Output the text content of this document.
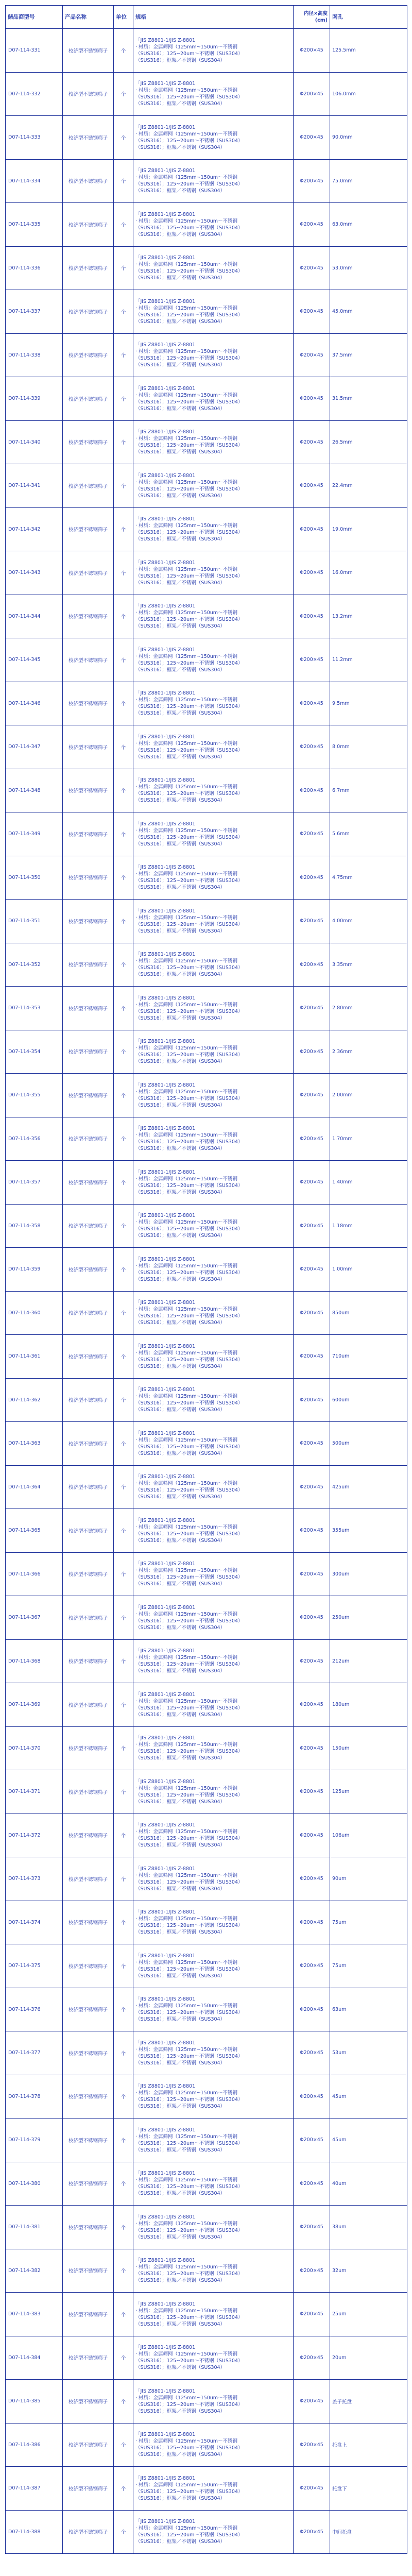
储品商型号	产品名称	单位	规格	内径×高度
(cm)	网孔
D07-114-331	校济型不锈钢筛子	个	「JIS Z8801-1/JIS Z-8801
· 材质：金属筛网（125mm~150um～不锈钢
（SUS316）；125~20um～不锈钢（SUS304）
（SUS316）；框架／不锈钢（SUS304）	Φ200×45	125.5mm
D07-114-332	校济型不锈钢筛子	个	「JIS Z8801-1/JIS Z-8801
· 材质：金属筛网（125mm~150um～不锈钢
（SUS316）；125~20um～不锈钢（SUS304）
（SUS316）；框架／不锈钢（SUS304）	Φ200×45	106.0mm
D07-114-333	校济型不锈钢筛子	个	「JIS Z8801-1/JIS Z-8801
· 材质：金属筛网（125mm~150um～不锈钢
（SUS316）；125~20um～不锈钢（SUS304）
（SUS316）；框架／不锈钢（SUS304）	Φ200×45	90.0mm
D07-114-334	校济型不锈钢筛子	个	「JIS Z8801-1/JIS Z-8801
· 材质：金属筛网（125mm~150um～不锈钢
（SUS316）；125~20um～不锈钢（SUS304）
（SUS316）；框架／不锈钢（SUS304）	Φ200×45	75.0mm
D07-114-335	校济型不锈钢筛子	个	「JIS Z8801-1/JIS Z-8801
· 材质：金属筛网（125mm~150um～不锈钢
（SUS316）；125~20um～不锈钢（SUS304）
（SUS316）；框架／不锈钢（SUS304）	Φ200×45	63.0mm
D07-114-336	校济型不锈钢筛子	个	「JIS Z8801-1/JIS Z-8801
· 材质：金属筛网（125mm~150um～不锈钢
（SUS316）；125~20um～不锈钢（SUS304）
（SUS316）；框架／不锈钢（SUS304）	Φ200×45	53.0mm
D07-114-337	校济型不锈钢筛子	个	「JIS Z8801-1/JIS Z-8801
· 材质：金属筛网（125mm~150um～不锈钢
（SUS316）；125~20um～不锈钢（SUS304）
（SUS316）；框架／不锈钢（SUS304）	Φ200×45	45.0mm
D07-114-338	校济型不锈钢筛子	个	「JIS Z8801-1/JIS Z-8801
· 材质：金属筛网（125mm~150um～不锈钢
（SUS316）；125~20um～不锈钢（SUS304）
（SUS316）；框架／不锈钢（SUS304）	Φ200×45	37.5mm
D07-114-339	校济型不锈钢筛子	个	「JIS Z8801-1/JIS Z-8801
· 材质：金属筛网（125mm~150um～不锈钢
（SUS316）；125~20um～不锈钢（SUS304）
（SUS316）；框架／不锈钢（SUS304）	Φ200×45	31.5mm
D07-114-340	校济型不锈钢筛子	个	「JIS Z8801-1/JIS Z-8801
· 材质：金属筛网（125mm~150um～不锈钢
（SUS316）；125~20um～不锈钢（SUS304）
（SUS316）；框架／不锈钢（SUS304）	Φ200×45	26.5mm
D07-114-341	校济型不锈钢筛子	个	「JIS Z8801-1/JIS Z-8801
· 材质：金属筛网（125mm~150um～不锈钢
（SUS316）；125~20um～不锈钢（SUS304）
（SUS316）；框架／不锈钢（SUS304）	Φ200×45	22.4mm
D07-114-342	校济型不锈钢筛子	个	「JIS Z8801-1/JIS Z-8801
· 材质：金属筛网（125mm~150um～不锈钢
（SUS316）；125~20um～不锈钢（SUS304）
（SUS316）；框架／不锈钢（SUS304）	Φ200×45	19.0mm
D07-114-343	校济型不锈钢筛子	个	「JIS Z8801-1/JIS Z-8801
· 材质：金属筛网（125mm~150um～不锈钢
（SUS316）；125~20um～不锈钢（SUS304）
（SUS316）；框架／不锈钢（SUS304）	Φ200×45	16.0mm
D07-114-344	校济型不锈钢筛子	个	「JIS Z8801-1/JIS Z-8801
· 材质：金属筛网（125mm~150um～不锈钢
（SUS316）；125~20um～不锈钢（SUS304）
（SUS316）；框架／不锈钢（SUS304）	Φ200×45	13.2mm
D07-114-345	校济型不锈钢筛子	个	「JIS Z8801-1/JIS Z-8801
· 材质：金属筛网（125mm~150um～不锈钢
（SUS316）；125~20um～不锈钢（SUS304）
（SUS316）；框架／不锈钢（SUS304）	Φ200×45	11.2mm
D07-114-346	校济型不锈钢筛子	个	「JIS Z8801-1/JIS Z-8801
· 材质：金属筛网（125mm~150um～不锈钢
（SUS316）；125~20um～不锈钢（SUS304）
（SUS316）；框架／不锈钢（SUS304）	Φ200×45	9.5mm
D07-114-347	校济型不锈钢筛子	个	「JIS Z8801-1/JIS Z-8801
· 材质：金属筛网（125mm~150um～不锈钢
（SUS316）；125~20um～不锈钢（SUS304）
（SUS316）；框架／不锈钢（SUS304）	Φ200×45	8.0mm
D07-114-348	校济型不锈钢筛子	个	「JIS Z8801-1/JIS Z-8801
· 材质：金属筛网（125mm~150um～不锈钢
（SUS316）；125~20um～不锈钢（SUS304）
（SUS316）；框架／不锈钢（SUS304）	Φ200×45	6.7mm
D07-114-349	校济型不锈钢筛子	个	「JIS Z8801-1/JIS Z-8801
· 材质：金属筛网（125mm~150um～不锈钢
（SUS316）；125~20um～不锈钢（SUS304）
（SUS316）；框架／不锈钢（SUS304）	Φ200×45	5.6mm
D07-114-350	校济型不锈钢筛子	个	「JIS Z8801-1/JIS Z-8801
· 材质：金属筛网（125mm~150um～不锈钢
（SUS316）；125~20um～不锈钢（SUS304）
（SUS316）；框架／不锈钢（SUS304）	Φ200×45	4.75mm
D07-114-351	校济型不锈钢筛子	个	「JIS Z8801-1/JIS Z-8801
· 材质：金属筛网（125mm~150um～不锈钢
（SUS316）；125~20um～不锈钢（SUS304）
（SUS316）；框架／不锈钢（SUS304）	Φ200×45	4.00mm
D07-114-352	校济型不锈钢筛子	个	「JIS Z8801-1/JIS Z-8801
· 材质：金属筛网（125mm~150um～不锈钢
（SUS316）；125~20um～不锈钢（SUS304）
（SUS316）；框架／不锈钢（SUS304）	Φ200×45	3.35mm
D07-114-353	校济型不锈钢筛子	个	「JIS Z8801-1/JIS Z-8801
· 材质：金属筛网（125mm~150um～不锈钢
（SUS316）；125~20um～不锈钢（SUS304）
（SUS316）；框架／不锈钢（SUS304）	Φ200×45	2.80mm
D07-114-354	校济型不锈钢筛子	个	「JIS Z8801-1/JIS Z-8801
· 材质：金属筛网（125mm~150um～不锈钢
（SUS316）；125~20um～不锈钢（SUS304）
（SUS316）；框架／不锈钢（SUS304）	Φ200×45	2.36mm
D07-114-355	校济型不锈钢筛子	个	「JIS Z8801-1/JIS Z-8801
· 材质：金属筛网（125mm~150um～不锈钢
（SUS316）；125~20um～不锈钢（SUS304）
（SUS316）；框架／不锈钢（SUS304）	Φ200×45	2.00mm
D07-114-356	校济型不锈钢筛子	个	「JIS Z8801-1/JIS Z-8801
· 材质：金属筛网（125mm~150um～不锈钢
（SUS316）；125~20um～不锈钢（SUS304）
（SUS316）；框架／不锈钢（SUS304）	Φ200×45	1.70mm
D07-114-357	校济型不锈钢筛子	个	「JIS Z8801-1/JIS Z-8801
· 材质：金属筛网（125mm~150um～不锈钢
（SUS316）；125~20um～不锈钢（SUS304）
（SUS316）；框架／不锈钢（SUS304）	Φ200×45	1.40mm
D07-114-358	校济型不锈钢筛子	个	「JIS Z8801-1/JIS Z-8801
· 材质：金属筛网（125mm~150um～不锈钢
（SUS316）；125~20um～不锈钢（SUS304）
（SUS316）；框架／不锈钢（SUS304）	Φ200×45	1.18mm
D07-114-359	校济型不锈钢筛子	个	「JIS Z8801-1/JIS Z-8801
· 材质：金属筛网（125mm~150um～不锈钢
（SUS316）；125~20um～不锈钢（SUS304）
（SUS316）；框架／不锈钢（SUS304）	Φ200×45	1.00mm
D07-114-360	校济型不锈钢筛子	个	「JIS Z8801-1/JIS Z-8801
· 材质：金属筛网（125mm~150um～不锈钢
（SUS316）；125~20um～不锈钢（SUS304）
（SUS316）；框架／不锈钢（SUS304）	Φ200×45	850um
D07-114-361	校济型不锈钢筛子	个	「JIS Z8801-1/JIS Z-8801
· 材质：金属筛网（125mm~150um～不锈钢
（SUS316）；125~20um～不锈钢（SUS304）
（SUS316）；框架／不锈钢（SUS304）	Φ200×45	710um
D07-114-362	校济型不锈钢筛子	个	「JIS Z8801-1/JIS Z-8801
· 材质：金属筛网（125mm~150um～不锈钢
（SUS316）；125~20um～不锈钢（SUS304）
（SUS316）；框架／不锈钢（SUS304）	Φ200×45	600um
D07-114-363	校济型不锈钢筛子	个	「JIS Z8801-1/JIS Z-8801
· 材质：金属筛网（125mm~150um～不锈钢
（SUS316）；125~20um～不锈钢（SUS304）
（SUS316）；框架／不锈钢（SUS304）	Φ200×45	500um
D07-114-364	校济型不锈钢筛子	个	「JIS Z8801-1/JIS Z-8801
· 材质：金属筛网（125mm~150um～不锈钢
（SUS316）；125~20um～不锈钢（SUS304）
（SUS316）；框架／不锈钢（SUS304）	Φ200×45	425um
D07-114-365	校济型不锈钢筛子	个	「JIS Z8801-1/JIS Z-8801
· 材质：金属筛网（125mm~150um～不锈钢
（SUS316）；125~20um～不锈钢（SUS304）
（SUS316）；框架／不锈钢（SUS304）	Φ200×45	355um
D07-114-366	校济型不锈钢筛子	个	「JIS Z8801-1/JIS Z-8801
· 材质：金属筛网（125mm~150um～不锈钢
（SUS316）；125~20um～不锈钢（SUS304）
（SUS316）；框架／不锈钢（SUS304）	Φ200×45	300um
D07-114-367	校济型不锈钢筛子	个	「JIS Z8801-1/JIS Z-8801
· 材质：金属筛网（125mm~150um～不锈钢
（SUS316）；125~20um～不锈钢（SUS304）
（SUS316）；框架／不锈钢（SUS304）	Φ200×45	250um
D07-114-368	校济型不锈钢筛子	个	「JIS Z8801-1/JIS Z-8801
· 材质：金属筛网（125mm~150um～不锈钢
（SUS316）；125~20um～不锈钢（SUS304）
（SUS316）；框架／不锈钢（SUS304）	Φ200×45	212um
D07-114-369	校济型不锈钢筛子	个	「JIS Z8801-1/JIS Z-8801
· 材质：金属筛网（125mm~150um～不锈钢
（SUS316）；125~20um～不锈钢（SUS304）
（SUS316）；框架／不锈钢（SUS304）	Φ200×45	180um
D07-114-370	校济型不锈钢筛子	个	「JIS Z8801-1/JIS Z-8801
· 材质：金属筛网（125mm~150um～不锈钢
（SUS316）；125~20um～不锈钢（SUS304）
（SUS316）；框架／不锈钢（SUS304）	Φ200×45	150um
D07-114-371	校济型不锈钢筛子	个	「JIS Z8801-1/JIS Z-8801
· 材质：金属筛网（125mm~150um～不锈钢
（SUS316）；125~20um～不锈钢（SUS304）
（SUS316）；框架／不锈钢（SUS304）	Φ200×45	125um
D07-114-372	校济型不锈钢筛子	个	「JIS Z8801-1/JIS Z-8801
· 材质：金属筛网（125mm~150um～不锈钢
（SUS316）；125~20um～不锈钢（SUS304）
（SUS316）；框架／不锈钢（SUS304）	Φ200×45	106um
D07-114-373	校济型不锈钢筛子	个	「JIS Z8801-1/JIS Z-8801
· 材质：金属筛网（125mm~150um～不锈钢
（SUS316）；125~20um～不锈钢（SUS304）
（SUS316）；框架／不锈钢（SUS304）	Φ200×45	90um
D07-114-374	校济型不锈钢筛子	个	「JIS Z8801-1/JIS Z-8801
· 材质：金属筛网（125mm~150um～不锈钢
（SUS316）；125~20um～不锈钢（SUS304）
（SUS316）；框架／不锈钢（SUS304）	Φ200×45	75um
D07-114-375	校济型不锈钢筛子	个	「JIS Z8801-1/JIS Z-8801
· 材质：金属筛网（125mm~150um～不锈钢
（SUS316）；125~20um～不锈钢（SUS304）
（SUS316）；框架／不锈钢（SUS304）	Φ200×45	75um
D07-114-376	校济型不锈钢筛子	个	「JIS Z8801-1/JIS Z-8801
· 材质：金属筛网（125mm~150um～不锈钢
（SUS316）；125~20um～不锈钢（SUS304）
（SUS316）；框架／不锈钢（SUS304）	Φ200×45	63um
D07-114-377	校济型不锈钢筛子	个	「JIS Z8801-1/JIS Z-8801
· 材质：金属筛网（125mm~150um～不锈钢
（SUS316）；125~20um～不锈钢（SUS304）
（SUS316）；框架／不锈钢（SUS304）	Φ200×45	53um
D07-114-378	校济型不锈钢筛子	个	「JIS Z8801-1/JIS Z-8801
· 材质：金属筛网（125mm~150um～不锈钢
（SUS316）；125~20um～不锈钢（SUS304）
（SUS316）；框架／不锈钢（SUS304）	Φ200×45	45um
D07-114-379	校济型不锈钢筛子	个	「JIS Z8801-1/JIS Z-8801
· 材质：金属筛网（125mm~150um～不锈钢
（SUS316）；125~20um～不锈钢（SUS304）
（SUS316）；框架／不锈钢（SUS304）	Φ200×45	45um
D07-114-380	校济型不锈钢筛子	个	「JIS Z8801-1/JIS Z-8801
· 材质：金属筛网（125mm~150um～不锈钢
（SUS316）；125~20um～不锈钢（SUS304）
（SUS316）；框架／不锈钢（SUS304）	Φ200×45	40um
D07-114-381	校济型不锈钢筛子	个	「JIS Z8801-1/JIS Z-8801
· 材质：金属筛网（125mm~150um～不锈钢
（SUS316）；125~20um～不锈钢（SUS304）
（SUS316）；框架／不锈钢（SUS304）	Φ200×45	38um
D07-114-382	校济型不锈钢筛子	个	「JIS Z8801-1/JIS Z-8801
· 材质：金属筛网（125mm~150um～不锈钢
（SUS316）；125~20um～不锈钢（SUS304）
（SUS316）；框架／不锈钢（SUS304）	Φ200×45	32um
D07-114-383	校济型不锈钢筛子	个	「JIS Z8801-1/JIS Z-8801
· 材质：金属筛网（125mm~150um～不锈钢
（SUS316）；125~20um～不锈钢（SUS304）
（SUS316）；框架／不锈钢（SUS304）	Φ200×45	25um
D07-114-384	校济型不锈钢筛子	个	「JIS Z8801-1/JIS Z-8801
· 材质：金属筛网（125mm~150um～不锈钢
（SUS316）；125~20um～不锈钢（SUS304）
（SUS316）；框架／不锈钢（SUS304）	Φ200×45	20um
D07-114-385	校济型不锈钢筛子	个	「JIS Z8801-1/JIS Z-8801
· 材质：金属筛网（125mm~150um～不锈钢
（SUS316）；125~20um～不锈钢（SUS304）
（SUS316）；框架／不锈钢（SUS304）	Φ200×45	盖子托盘
D07-114-386	校济型不锈钢筛子	个	「JIS Z8801-1/JIS Z-8801
· 材质：金属筛网（125mm~150um～不锈钢
（SUS316）；125~20um～不锈钢（SUS304）
（SUS316）；框架／不锈钢（SUS304）	Φ200×45	托盘上
D07-114-387	校济型不锈钢筛子	个	「JIS Z8801-1/JIS Z-8801
· 材质：金属筛网（125mm~150um～不锈钢
（SUS316）；125~20um～不锈钢（SUS304）
（SUS316）；框架／不锈钢（SUS304）	Φ200×45	托盘下
D07-114-388	校济型不锈钢筛子	个	「JIS Z8801-1/JIS Z-8801
· 材质：金属筛网（125mm~150um～不锈钢
（SUS316）；125~20um～不锈钢（SUS304）
（SUS316）；框架／不锈钢（SUS304）	Φ200×45	中间托盘
